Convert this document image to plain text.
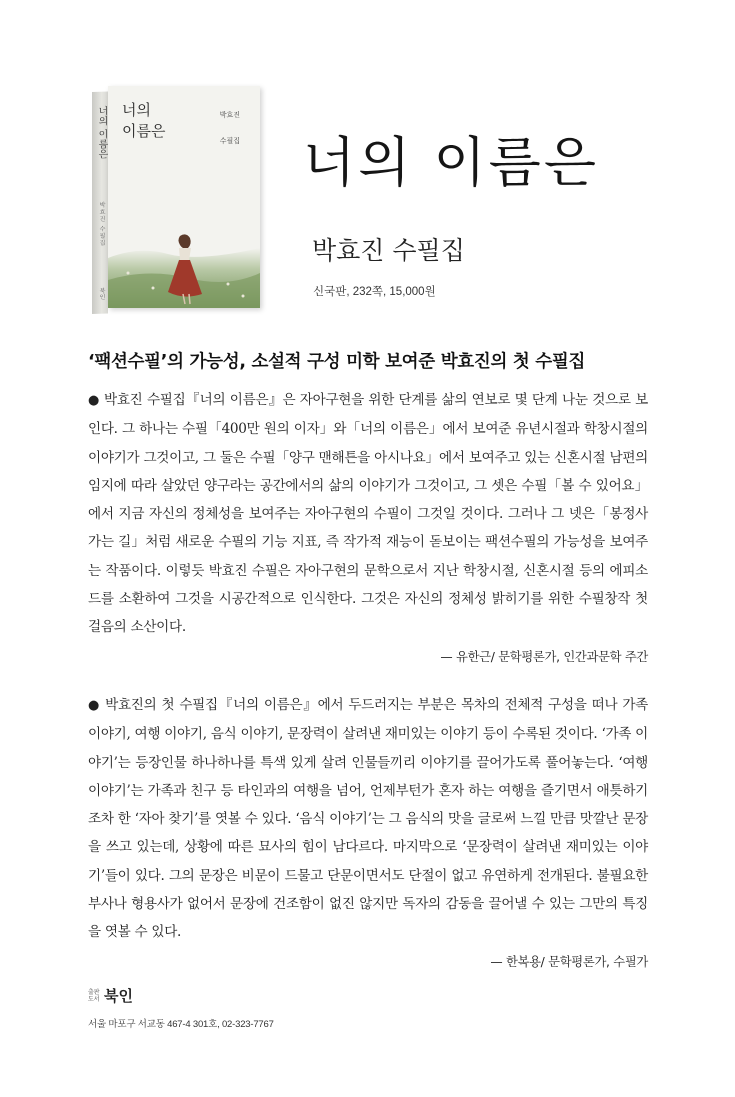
너의 이름은
박효진 수필집
북인
너의
이름은
박효진
수필집 너의 이름은
박효진 수필집
신국판, 232쪽, 15,000원
‘팩션수필’의 가능성, 소설적 구성 미학 보여준 박효진의 첫 수필집

● 박효진 수필집『너의 이름은』은 자아구현을 위한 단계를 삶의 연보로 몇 단계 나눈 것으로 보인다. 그 하나는 수필「400만 원의 이자」와「너의 이름은」에서 보여준 유년시절과 학창시절의 이야기가 그것이고, 그 둘은 수필「양구 맨해튼을 아시나요」에서 보여주고 있는 신혼시절 남편의 임지에 따라 살았던 양구라는 공간에서의 삶의 이야기가 그것이고, 그 셋은 수필「볼 수 있어요」에서 지금 자신의 정체성을 보여주는 자아구현의 수필이 그것일 것이다. 그러나 그 넷은「봉정사 가는 길」처럼 새로운 수필의 기능 지표, 즉 작가적 재능이 돋보이는 팩션수필의 가능성을 보여주는 작품이다. 이렇듯 박효진 수필은 자아구현의 문학으로서 지난 학창시절, 신혼시절 등의 에피소드를 소환하여 그것을 시공간적으로 인식한다. 그것은 자신의 정체성 밝히기를 위한 수필창작 첫걸음의 소산이다.

— 유한근/ 문학평론가, 인간과문학 주간

● 박효진의 첫 수필집『너의 이름은』에서 두드러지는 부분은 목차의 전체적 구성을 떠나 가족 이야기, 여행 이야기, 음식 이야기, 문장력이 살려낸 재미있는 이야기 등이 수록된 것이다. ‘가족 이야기’는 등장인물 하나하나를 특색 있게 살려 인물들끼리 이야기를 끌어가도록 풀어놓는다. ‘여행 이야기’는 가족과 친구 등 타인과의 여행을 넘어, 언제부턴가 혼자 하는 여행을 즐기면서 애틋하기조차 한 ‘자아 찾기’를 엿볼 수 있다. ‘음식 이야기’는 그 음식의 맛을 글로써 느낄 만큼 맛깔난 문장을 쓰고 있는데, 상황에 따른 묘사의 힘이 남다르다. 마지막으로 ‘문장력이 살려낸 재미있는 이야기’들이 있다. 그의 문장은 비문이 드물고 단문이면서도 단절이 없고 유연하게 전개된다. 불필요한 부사나 형용사가 없어서 문장에 건조함이 없진 않지만 독자의 감동을 끌어낼 수 있는 그만의 특징을 엿볼 수 있다.

— 한복용/ 문학평론가, 수필가
출판 도서 북인
서울 마포구 서교동 467-4 301호, 02-323-7767
